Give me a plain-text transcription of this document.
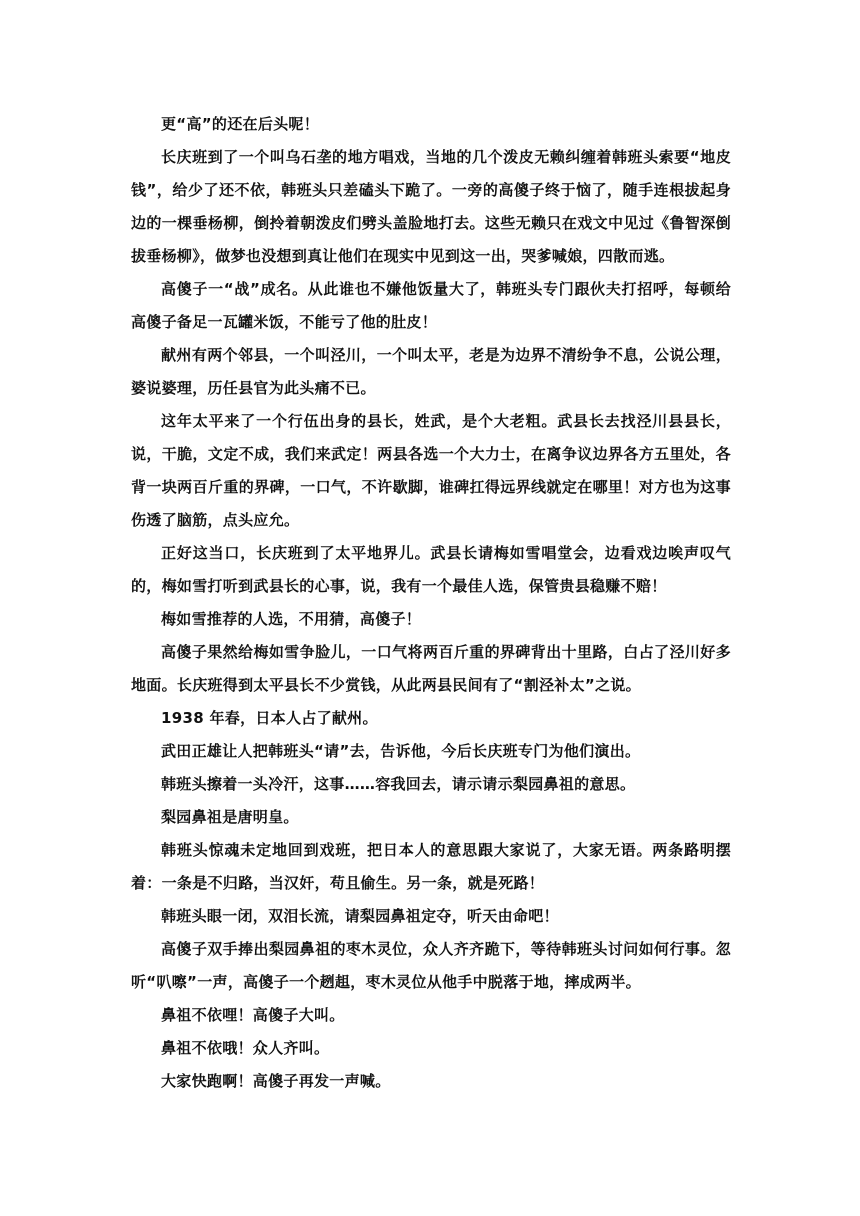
更“高”的还在后头呢！

长庆班到了一个叫乌石垄的地方唱戏，当地的几个泼皮无赖纠缠着韩班头索要“地皮钱”，给少了还不依，韩班头只差磕头下跪了。一旁的高傻子终于恼了，随手连根拔起身边的一棵垂杨柳，倒拎着朝泼皮们劈头盖脸地打去。这些无赖只在戏文中见过《鲁智深倒拔垂杨柳》，做梦也没想到真让他们在现实中见到这一出，哭爹喊娘，四散而逃。

高傻子一“战”成名。从此谁也不嫌他饭量大了，韩班头专门跟伙夫打招呼，每顿给高傻子备足一瓦罐米饭，不能亏了他的肚皮！

献州有两个邻县，一个叫泾川，一个叫太平，老是为边界不清纷争不息，公说公理，婆说婆理，历任县官为此头痛不已。

这年太平来了一个行伍出身的县长，姓武，是个大老粗。武县长去找泾川县县长，说，干脆，文定不成，我们来武定！两县各选一个大力士，在离争议边界各方五里处，各背一块两百斤重的界碑，一口气，不许歇脚，谁碑扛得远界线就定在哪里！对方也为这事伤透了脑筋，点头应允。

正好这当口，长庆班到了太平地界儿。武县长请梅如雪唱堂会，边看戏边唉声叹气的，梅如雪打听到武县长的心事，说，我有一个最佳人选，保管贵县稳赚不赔！

梅如雪推荐的人选，不用猜，高傻子！

高傻子果然给梅如雪争脸儿，一口气将两百斤重的界碑背出十里路，白占了泾川好多地面。长庆班得到太平县长不少赏钱，从此两县民间有了“割泾补太”之说。

1938 年春，日本人占了献州。

武田正雄让人把韩班头“请”去，告诉他，今后长庆班专门为他们演出。

韩班头擦着一头冷汗，这事……容我回去，请示请示梨园鼻祖的意思。

梨园鼻祖是唐明皇。

韩班头惊魂未定地回到戏班，把日本人的意思跟大家说了，大家无语。两条路明摆着：一条是不归路，当汉奸，苟且偷生。另一条，就是死路！

韩班头眼一闭，双泪长流，请梨园鼻祖定夺，听天由命吧！

高傻子双手捧出梨园鼻祖的枣木灵位，众人齐齐跪下，等待韩班头讨问如何行事。忽听“叭嚓”一声，高傻子一个趔趄，枣木灵位从他手中脱落于地，摔成两半。

鼻祖不依哩！高傻子大叫。

鼻祖不依哦！众人齐叫。

大家快跑啊！高傻子再发一声喊。
